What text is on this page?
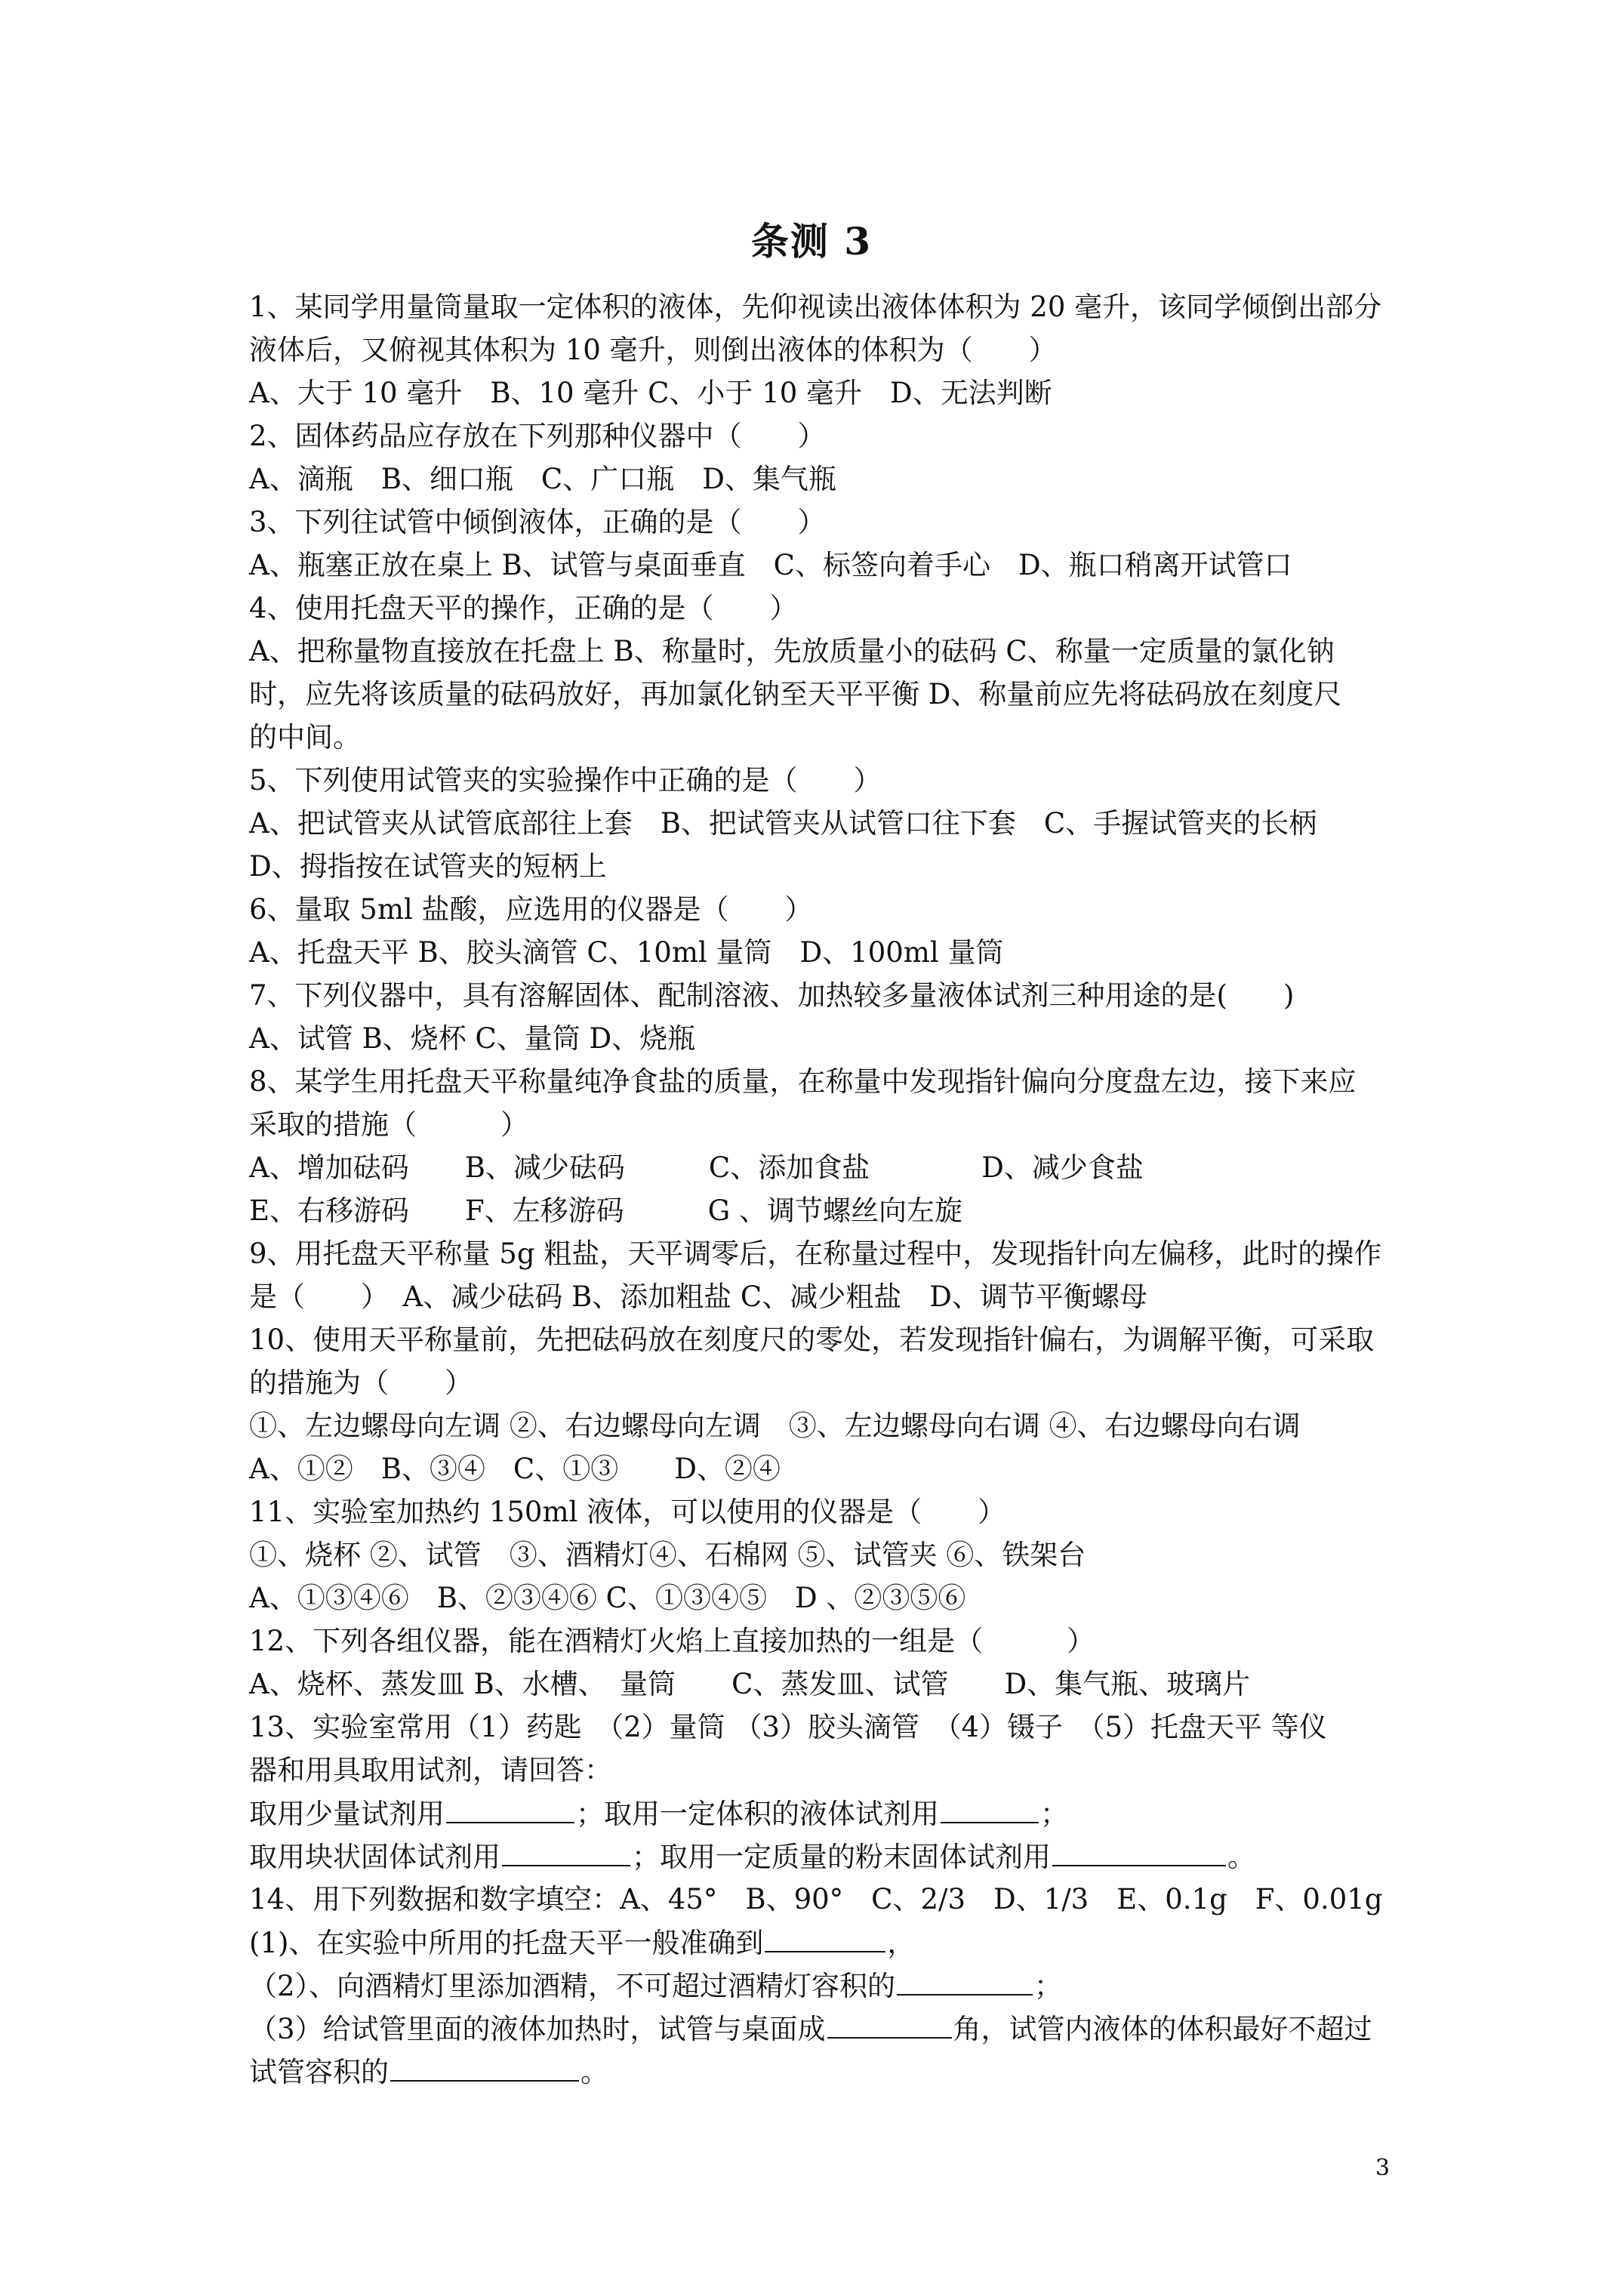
条测 3
1、某同学用量筒量取一定体积的液体，先仰视读出液体体积为 20 毫升，该同学倾倒出部分
液体后，又俯视其体积为 10 毫升，则倒出液体的体积为（　　）
A、大于 10 毫升　B、10 毫升 C、小于 10 毫升　D、无法判断
2、固体药品应存放在下列那种仪器中（　　）
A、滴瓶　B、细口瓶　C、广口瓶　D、集气瓶
3、下列往试管中倾倒液体，正确的是（　　）
A、瓶塞正放在桌上 B、试管与桌面垂直　C、标签向着手心　D、瓶口稍离开试管口
4、使用托盘天平的操作，正确的是（　　）
A、把称量物直接放在托盘上 B、称量时，先放质量小的砝码 C、称量一定质量的氯化钠
时，应先将该质量的砝码放好，再加氯化钠至天平平衡 D、称量前应先将砝码放在刻度尺
的中间。
5、下列使用试管夹的实验操作中正确的是（　　）
A、把试管夹从试管底部往上套　B、把试管夹从试管口往下套　C、手握试管夹的长柄
D、拇指按在试管夹的短柄上
6、量取 5ml 盐酸，应选用的仪器是（　　）
A、托盘天平 B、胶头滴管 C、10ml 量筒　D、100ml 量筒
7、下列仪器中，具有溶解固体、配制溶液、加热较多量液体试剂三种用途的是(　　)
A、试管 B、烧杯 C、量筒 D、烧瓶
8、某学生用托盘天平称量纯净食盐的质量，在称量中发现指针偏向分度盘左边，接下来应
采取的措施（　　　）
A、增加砝码　　B、减少砝码　　　C、添加食盐　　　　D、减少食盐
E、右移游码　　F、左移游码　　　G 、调节螺丝向左旋
9、用托盘天平称量 5g 粗盐，天平调零后，在称量过程中，发现指针向左偏移，此时的操作
是（　　）　A、减少砝码 B、添加粗盐 C、减少粗盐　D、调节平衡螺母
10、使用天平称量前，先把砝码放在刻度尺的零处，若发现指针偏右，为调解平衡，可采取
的措施为（　　）
①、左边螺母向左调 ②、右边螺母向左调　③、左边螺母向右调 ④、右边螺母向右调
A、①②　B、③④　C、①③　　D、②④
11、实验室加热约 150ml 液体，可以使用的仪器是（　　）
①、烧杯 ②、试管　③、酒精灯④、石棉网 ⑤、试管夹 ⑥、铁架台
A、①③④⑥　B、②③④⑥ C、①③④⑤　D 、②③⑤⑥
12、下列各组仪器，能在酒精灯火焰上直接加热的一组是（　　　）
A、烧杯、蒸发皿 B、水槽、　量筒　　C、蒸发皿、试管　　D、集气瓶、玻璃片
13、实验室常用（1）药匙　（2）量筒 （3）胶头滴管　（4）镊子　（5）托盘天平 等仪
器和用具取用试剂，请回答：
取用少量试剂用	；取用一定体积的液体试剂用	；
取用块状固体试剂用	；取用一定质量的粉末固体试剂用	。
14、用下列数据和数字填空：A、45°　B、90°　C、2/3　D、1/3　E、0.1g　F、0.01g
(1)、在实验中所用的托盘天平一般准确到	，
（2）、向酒精灯里添加酒精，不可超过酒精灯容积的	；
（3）给试管里面的液体加热时，试管与桌面成	角，试管内液体的体积最好不超过
试管容积的	。
3
